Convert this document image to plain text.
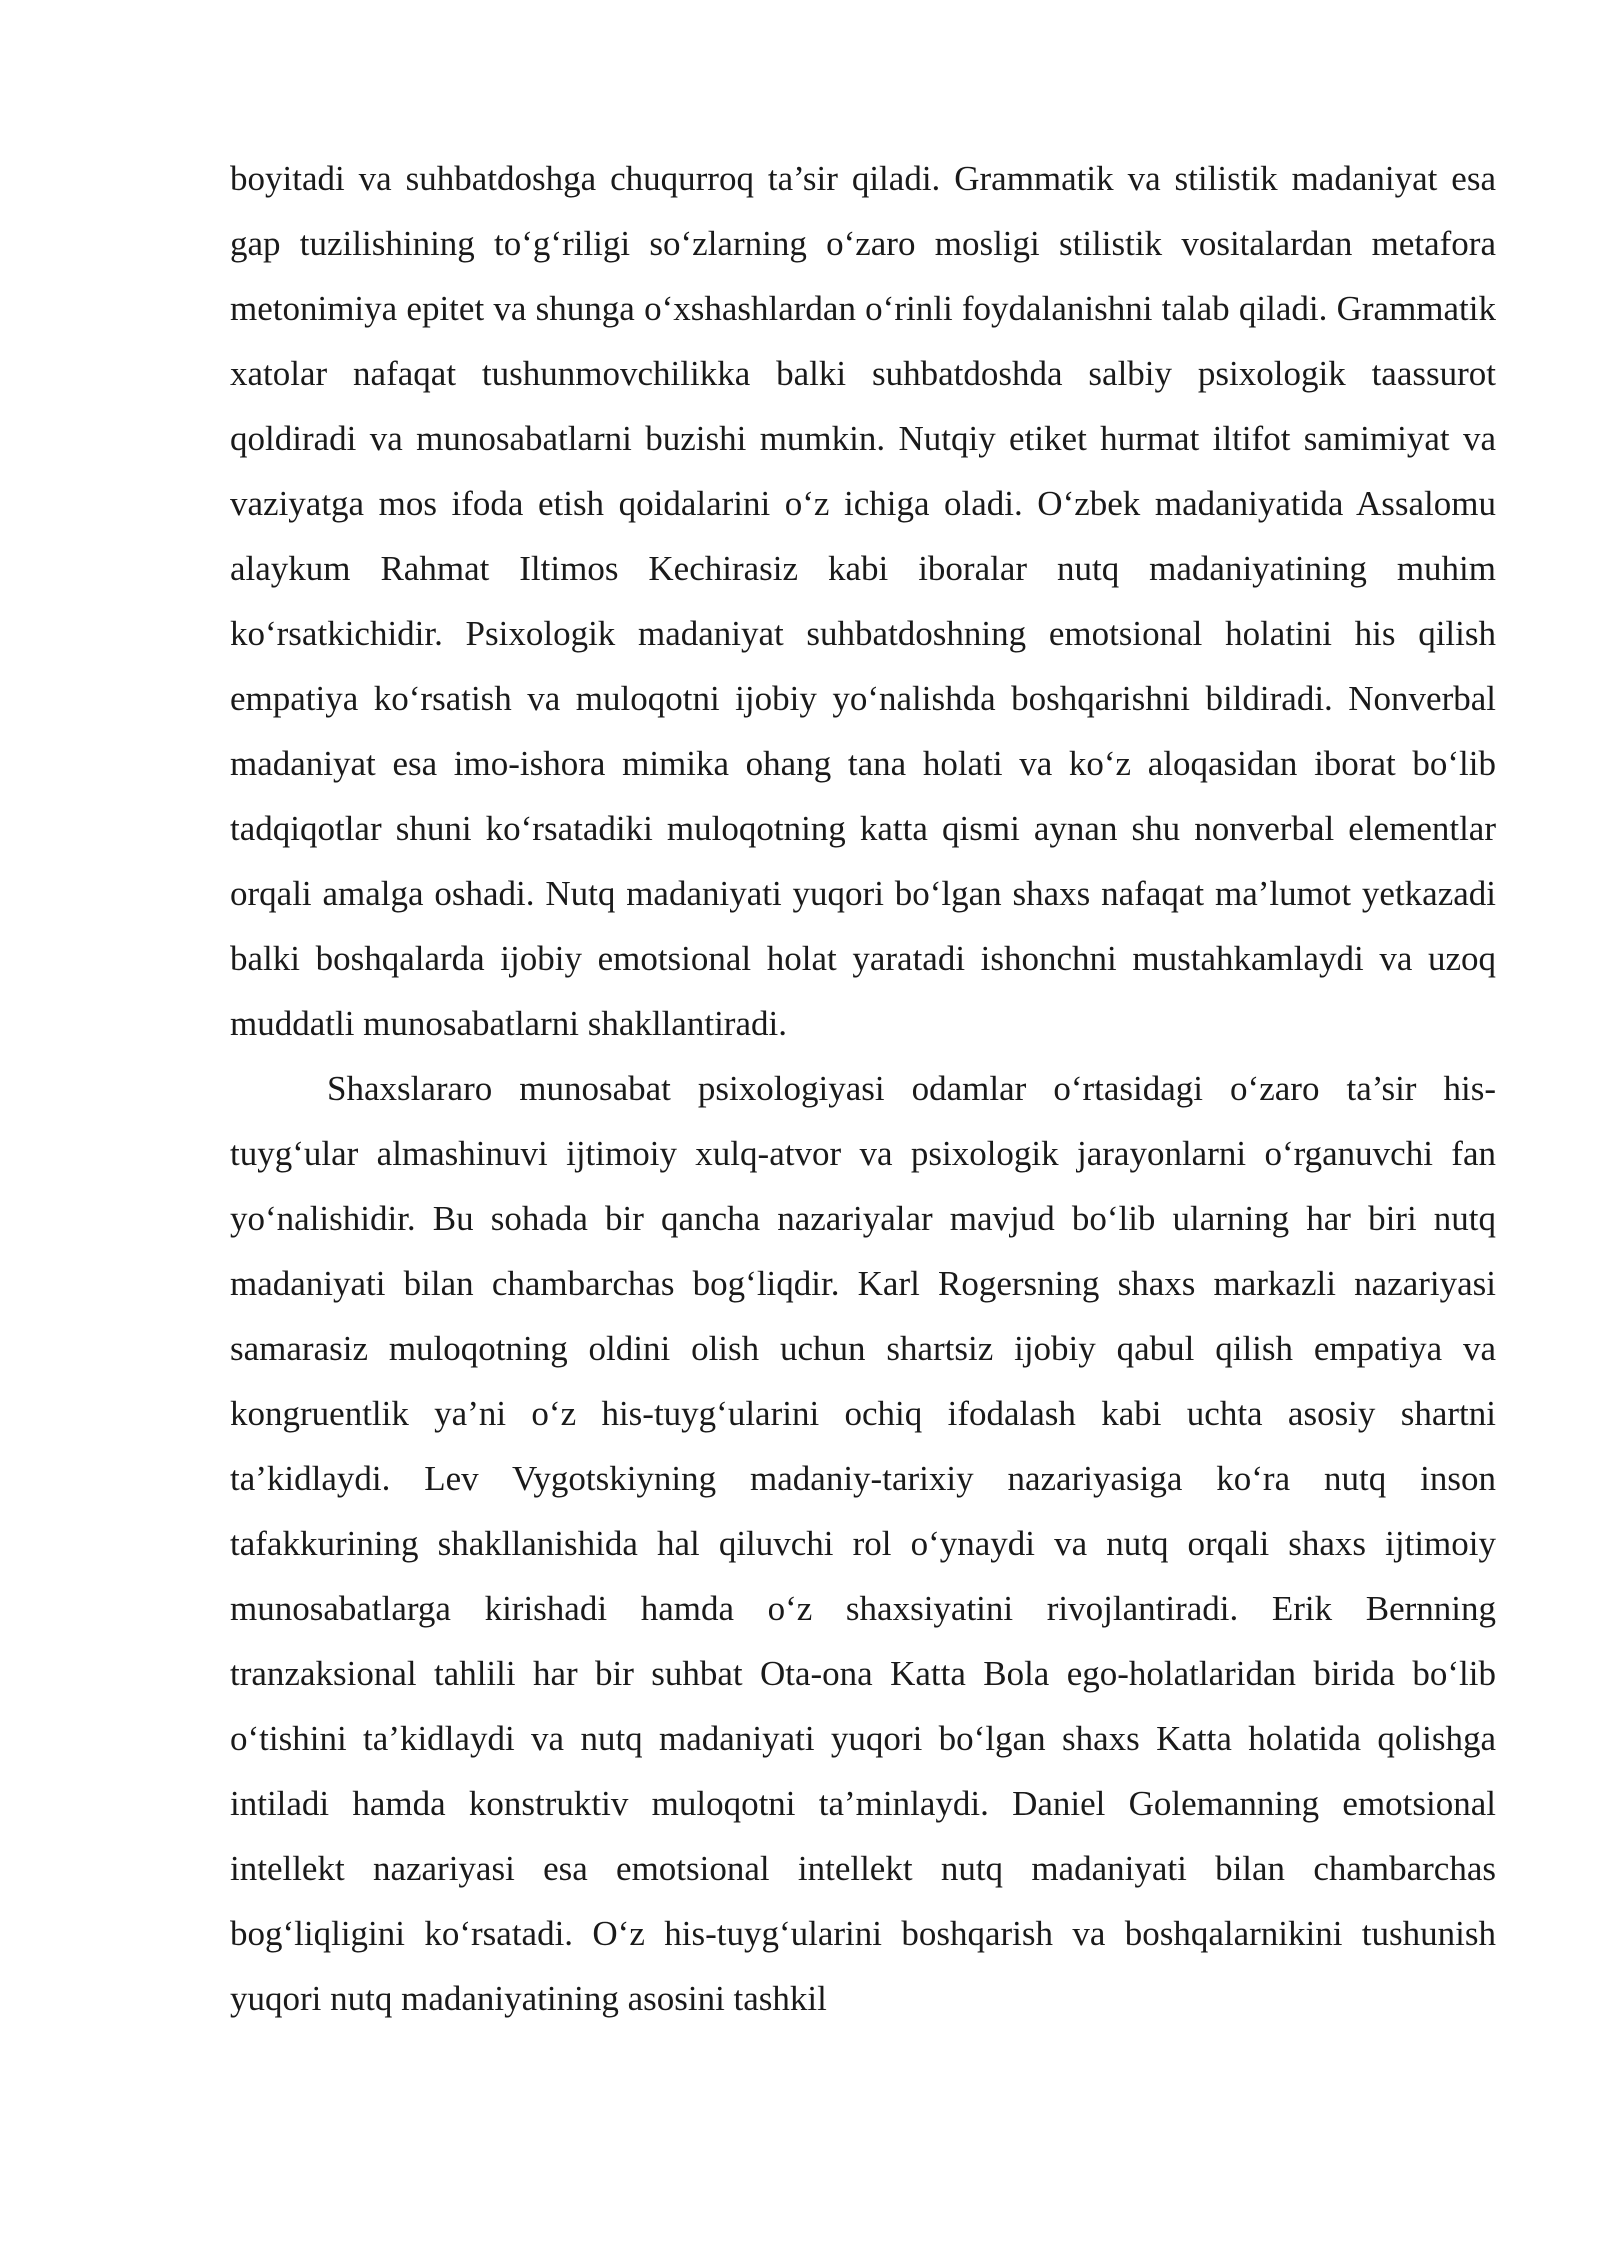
boyitadi va suhbatdoshga chuqurroq ta’sir qiladi. Grammatik va stilistik madaniyat esa gap tuzilishining to‘g‘riligi so‘zlarning o‘zaro mosligi stilistik vositalardan metafora metonimiya epitet va shunga o‘xshashlardan o‘rinli foydalanishni talab qiladi. Grammatik xatolar nafaqat tushunmovchilikka balki suhbatdoshda salbiy psixologik taassurot qoldiradi va munosabatlarni buzishi mumkin. Nutqiy etiket hurmat iltifot samimiyat va vaziyatga mos ifoda etish qoidalarini o‘z ichiga oladi. O‘zbek madaniyatida Assalomu alaykum Rahmat Iltimos Kechirasiz kabi iboralar nutq madaniyatining muhim ko‘rsatkichidir. Psixologik madaniyat suhbatdoshning emotsional holatini his qilish empatiya ko‘rsatish va muloqotni ijobiy yo‘nalishda boshqarishni bildiradi. Nonverbal madaniyat esa imo-ishora mimika ohang tana holati va ko‘z aloqasidan iborat bo‘lib tadqiqotlar shuni ko‘rsatadiki muloqotning katta qismi aynan shu nonverbal elementlar orqali amalga oshadi. Nutq madaniyati yuqori bo‘lgan shaxs nafaqat ma’lumot yetkazadi balki boshqalarda ijobiy emotsional holat yaratadi ishonchni mustahkamlaydi va uzoq muddatli munosabatlarni shakllantiradi.

Shaxslararo munosabat psixologiyasi odamlar o‘rtasidagi o‘zaro ta’sir his-tuyg‘ular almashinuvi ijtimoiy xulq-atvor va psixologik jarayonlarni o‘rganuvchi fan yo‘nalishidir. Bu sohada bir qancha nazariyalar mavjud bo‘lib ularning har biri nutq madaniyati bilan chambarchas bog‘liqdir. Karl Rogersning shaxs markazli nazariyasi samarasiz muloqotning oldini olish uchun shartsiz ijobiy qabul qilish empatiya va kongruentlik ya’ni o‘z his-tuyg‘ularini ochiq ifodalash kabi uchta asosiy shartni ta’kidlaydi. Lev Vygotskiyning madaniy-tarixiy nazariyasiga ko‘ra nutq inson tafakkurining shakllanishida hal qiluvchi rol o‘ynaydi va nutq orqali shaxs ijtimoiy munosabatlarga kirishadi hamda o‘z shaxsiyatini rivojlantiradi. Erik Bernning tranzaksional tahlili har bir suhbat Ota-ona Katta Bola ego-holatlaridan birida bo‘lib o‘tishini ta’kidlaydi va nutq madaniyati yuqori bo‘lgan shaxs Katta holatida qolishga intiladi hamda konstruktiv muloqotni ta’minlaydi. Daniel Golemanning emotsional intellekt nazariyasi esa emotsional intellekt nutq madaniyati bilan chambarchas bog‘liqligini ko‘rsatadi. O‘z his-tuyg‘ularini boshqarish va boshqalarnikini tushunish yuqori nutq madaniyatining asosini tashkil
